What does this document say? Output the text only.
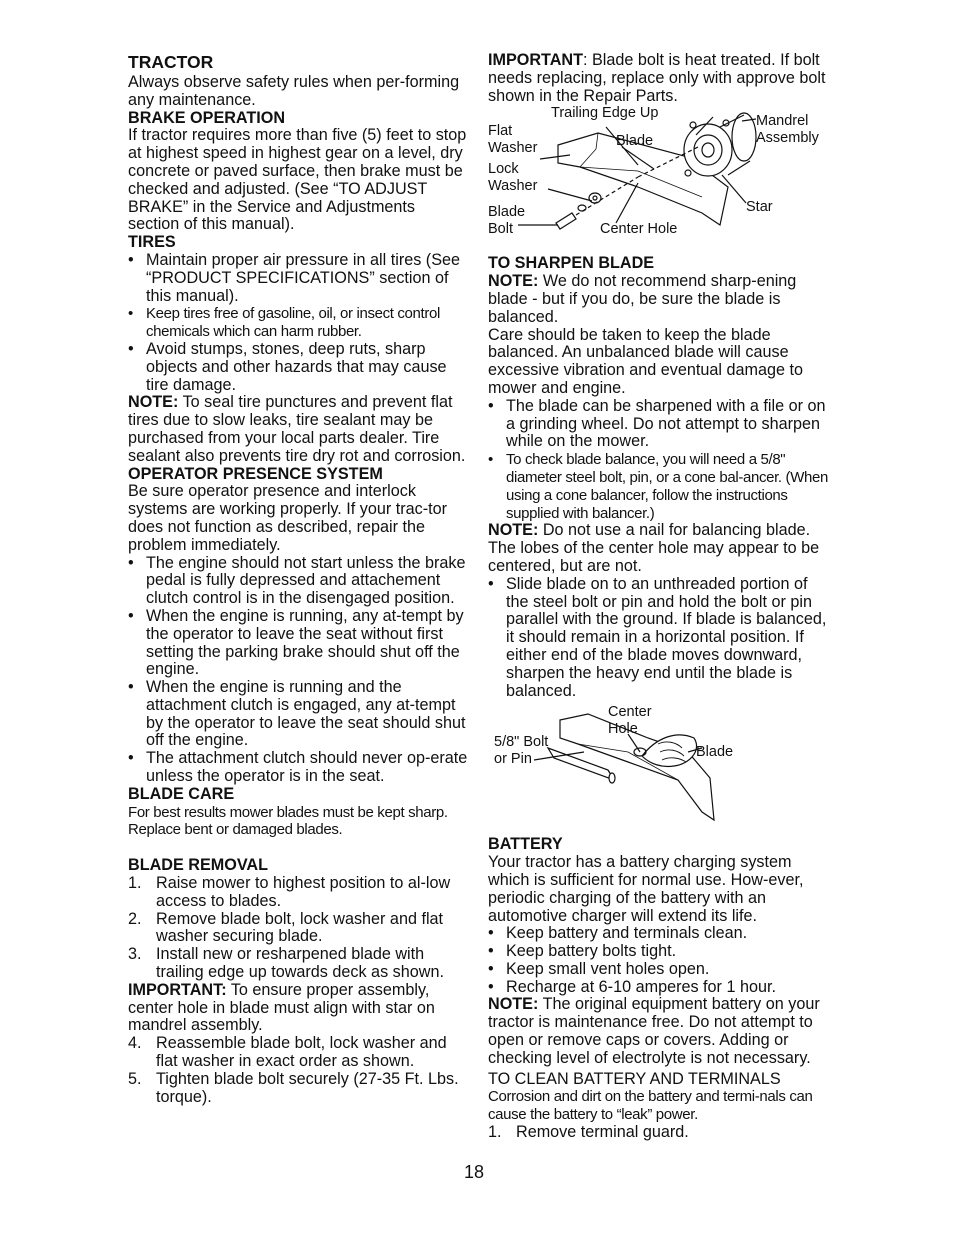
TRACTOR

Always observe safety rules when per-forming any maintenance.

BRAKE OPERATION

If tractor requires more than five (5) feet to stop at highest speed in highest gear on a level, dry concrete or paved surface, then brake must be checked and adjusted. (See “TO ADJUST BRAKE” in the Service and Adjustments section of this manual).

TIRES
• Maintain proper air pressure in all tires (See “PRODUCT SPECIFICATIONS” section of this manual).
• Keep tires free of gasoline, oil, or insect control chemicals which can harm rubber.
• Avoid stumps, stones, deep ruts, sharp objects and other hazards that may cause tire damage.

NOTE: To seal tire punctures and prevent flat tires due to slow leaks, tire sealant may be purchased from your local parts dealer. Tire sealant also prevents tire dry rot and corrosion.

OPERATOR PRESENCE SYSTEM

Be sure operator presence and interlock systems are working properly. If your trac-tor does not function as described, repair the problem immediately.

• The engine should not start unless the brake pedal is fully depressed and attachement clutch control is in the disengaged position.
• When the engine is running, any at-tempt by the operator to leave the seat without first setting the parking brake should shut off the engine.
• When the engine is running and the attachment clutch is engaged, any at-tempt by the operator to leave the seat should shut off the engine.
• The attachment clutch should never op-erate unless the operator is in the seat.
BLADE CARE

For best results mower blades must be kept sharp. Replace bent or damaged blades.

BLADE REMOVAL
1. Raise mower to highest position to al-low access to blades.
2. Remove blade bolt, lock washer and flat washer securing blade.
3. Install new or resharpened blade with trailing edge up towards deck as shown.

IMPORTANT: To ensure proper assembly, center hole in blade must align with star on mandrel assembly.

4. Reassemble blade bolt, lock washer and flat washer in exact order as shown.
5. Tighten blade bolt securely (27-35 Ft. Lbs. torque).

IMPORTANT: Blade bolt is heat treated. If bolt needs replacing, replace only with approve bolt shown in the Repair Parts.

Trailing Edge Up	Mandrel
Assembly
Flat
Washer	Blade
Lock
Washer
Star
Blade
Bolt	Center Hole
TO SHARPEN BLADE

NOTE: We do not recommend sharp-ening blade - but if you do, be sure the blade is balanced.

Care should be taken to keep the blade balanced. An unbalanced blade will cause excessive vibration and eventual damage to mower and engine.

• The blade can be sharpened with a file or on a grinding wheel. Do not attempt to sharpen while on the mower.
• To check blade balance, you will need a 5/8" diameter steel bolt, pin, or a cone bal-ancer. (When using a cone balancer, follow the instructions supplied with balancer.)

NOTE: Do not use a nail for balancing blade. The lobes of the center hole may appear to be centered, but are not.

• Slide blade on to an unthreaded portion of the steel bolt or pin and hold the bolt or pin parallel with the ground. If blade is balanced, it should remain in a horizontal position. If either end of the blade moves downward, sharpen the heavy end until the blade is balanced.
Center
Hole
5/8" Bolt
or Pin	Blade
BATTERY

Your tractor has a battery charging system which is sufficient for normal use. How-ever, periodic charging of the battery with an automotive charger will extend its life.

• Keep battery and terminals clean.
• Keep battery bolts tight.
• Keep small vent holes open.
• Recharge at 6-10 amperes for 1 hour.

NOTE: The original equipment battery on your tractor is maintenance free. Do not attempt to open or remove caps or covers. Adding or checking level of electrolyte is not necessary.

TO CLEAN BATTERY AND TERMINALS

Corrosion and dirt on the battery and termi-nals can cause the battery to “leak” power.

1. Remove terminal guard.
18
